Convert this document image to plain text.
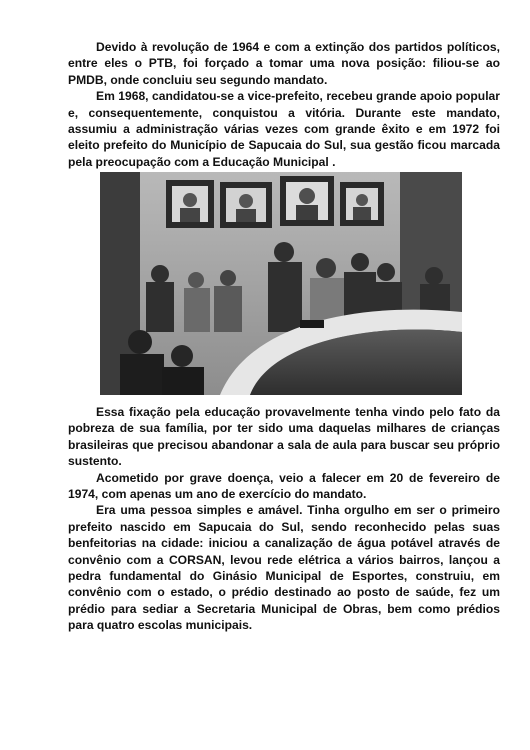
Devido à revolução de 1964 e com a extinção dos partidos políticos, entre eles o PTB, foi forçado a tomar uma nova posição: filiou-se ao PMDB, onde concluiu seu segundo mandato.

Em 1968, candidatou-se a vice-prefeito, recebeu grande apoio popular e, consequentemente, conquistou a vitória. Durante este mandato, assumiu a administração várias vezes com grande êxito e em 1972 foi eleito prefeito do Município de Sapucaia do Sul, sua gestão ficou marcada pela preocupação com a Educação Municipal .

Essa fixação pela educação provavelmente tenha vindo pelo fato da pobreza de sua família, por ter sido uma daquelas milhares de crianças brasileiras que precisou abandonar a sala de aula para buscar seu próprio sustento.

Acometido por grave doença, veio a falecer em 20 de fevereiro de 1974, com apenas um ano de exercício do mandato.

Era uma pessoa simples e amável. Tinha orgulho em ser o primeiro prefeito nascido em Sapucaia do Sul, sendo reconhecido pelas suas benfeitorias na cidade: iniciou a canalização de água potável através de convênio com a CORSAN, levou rede elétrica a vários bairros, lançou a pedra fundamental do Ginásio Municipal de Esportes, construiu, em convênio com o estado, o prédio destinado ao posto de saúde, fez um prédio para sediar a Secretaria Municipal de Obras, bem como prédios para quatro escolas municipais.
